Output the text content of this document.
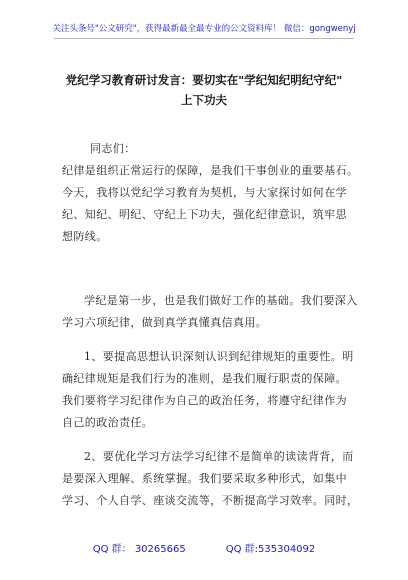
关注头条号"公文研究"，获得最新最全最专业的公文资料库！ 微信：gongwenyj
党纪学习教育研讨发言：要切实在"学纪知纪明纪守纪"
上下功夫
同志们：
纪律是组织正常运行的保障，是我们干事创业的重要基石。
今天，我将以党纪学习教育为契机，与大家探讨如何在学
纪、知纪、明纪、守纪上下功夫，强化纪律意识，筑牢思
想防线。
学纪是第一步，也是我们做好工作的基础。我们要深入
学习六项纪律，做到真学真懂真信真用。
1、要提高思想认识深刻认识到纪律规矩的重要性。明
确纪律规矩是我们行为的准则，是我们履行职责的保障。
我们要将学习纪律作为自己的政治任务，将遵守纪律作为
自己的政治责任。
2、要优化学习方法学习纪律不是简单的读读背背，而
是要深入理解、系统掌握。我们要采取多种形式，如集中
学习、个人自学、座谈交流等，不断提高学习效率。同时，
QQ 群： 30265665	QQ 群:535304092
